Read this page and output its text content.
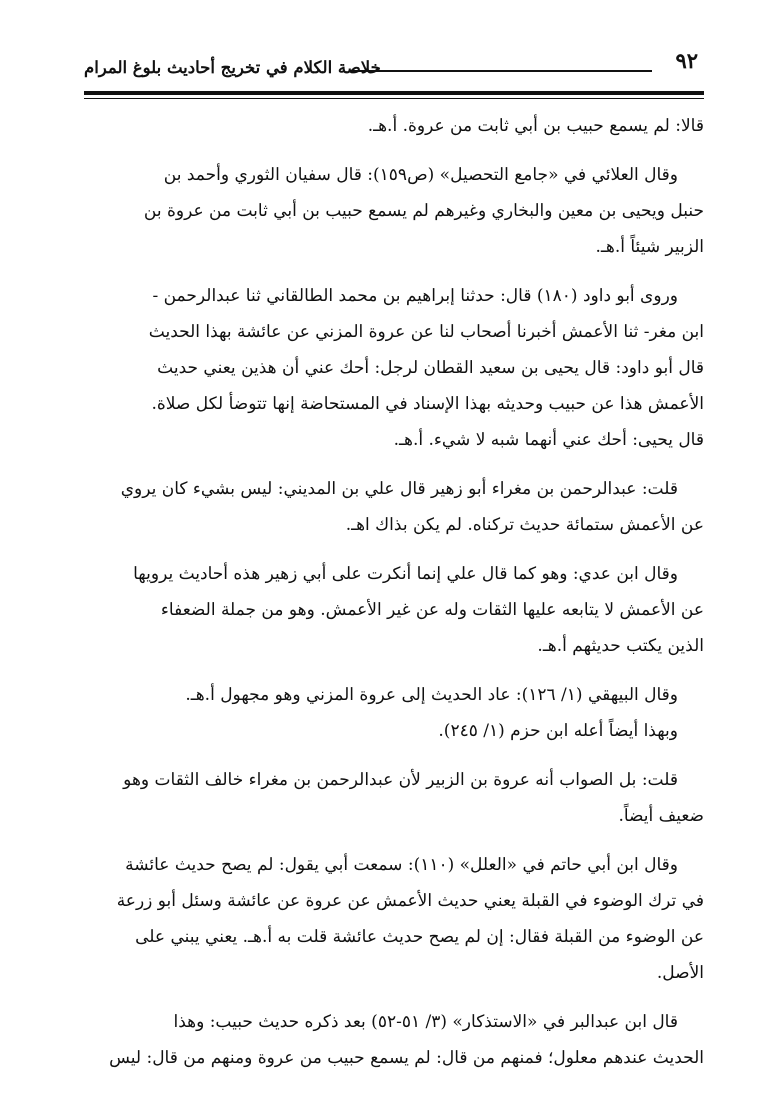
٩٢
خلاصة الكلام في تخريج أحاديث بلوغ المرام
قالا: لم يسمع حبيب بن أبي ثابت من عروة. أ.هـ.
وقال العلائي في «جامع التحصيل» (ص١٥٩): قال سفيان الثوري وأحمد بن
حنبل ويحيى بن معين والبخاري وغيرهم لم يسمع حبيب بن أبي ثابت من عروة بن
الزبير شيئاً أ.هـ.
وروى أبو داود (١٨٠) قال: حدثنا إبراهيم بن محمد الطالقاني ثنا عبدالرحمن -
ابن مغر- ثنا الأعمش أخبرنا أصحاب لنا عن عروة المزني عن عائشة بهذا الحديث
قال أبو داود: قال يحيى بن سعيد القطان لرجل: أحك عني أن هذين يعني حديث
الأعمش هذا عن حبيب وحديثه بهذا الإسناد في المستحاضة إنها تتوضأ لكل صلاة.
قال يحيى: أحك عني أنهما شبه لا شيء. أ.هـ.
قلت: عبدالرحمن بن مغراء أبو زهير قال علي بن المديني: ليس بشيء كان يروي
عن الأعمش ستمائة حديث تركناه. لم يكن بذاك اهـ.
وقال ابن عدي: وهو كما قال علي إنما أنكرت على أبي زهير هذه أحاديث يرويها
عن الأعمش لا يتابعه عليها الثقات وله عن غير الأعمش. وهو من جملة الضعفاء
الذين يكتب حديثهم أ.هـ.
وقال البيهقي (١/ ١٢٦): عاد الحديث إلى عروة المزني وهو مجهول أ.هـ.
وبهذا أيضاً أعله ابن حزم (١/ ٢٤٥).
قلت: بل الصواب أنه عروة بن الزبير لأن عبدالرحمن بن مغراء خالف الثقات وهو
ضعيف أيضاً.
وقال ابن أبي حاتم في «العلل» (١١٠): سمعت أبي يقول: لم يصح حديث عائشة
في ترك الوضوء في القبلة يعني حديث الأعمش عن عروة عن عائشة وسئل أبو زرعة
عن الوضوء من القبلة فقال: إن لم يصح حديث عائشة قلت به أ.هـ. يعني يبني على
الأصل.
قال ابن عبدالبر في «الاستذكار» (٣/ ٥١-٥٢) بعد ذكره حديث حبيب: وهذا
الحديث عندهم معلول؛ فمنهم من قال: لم يسمع حبيب من عروة ومنهم من قال: ليس
